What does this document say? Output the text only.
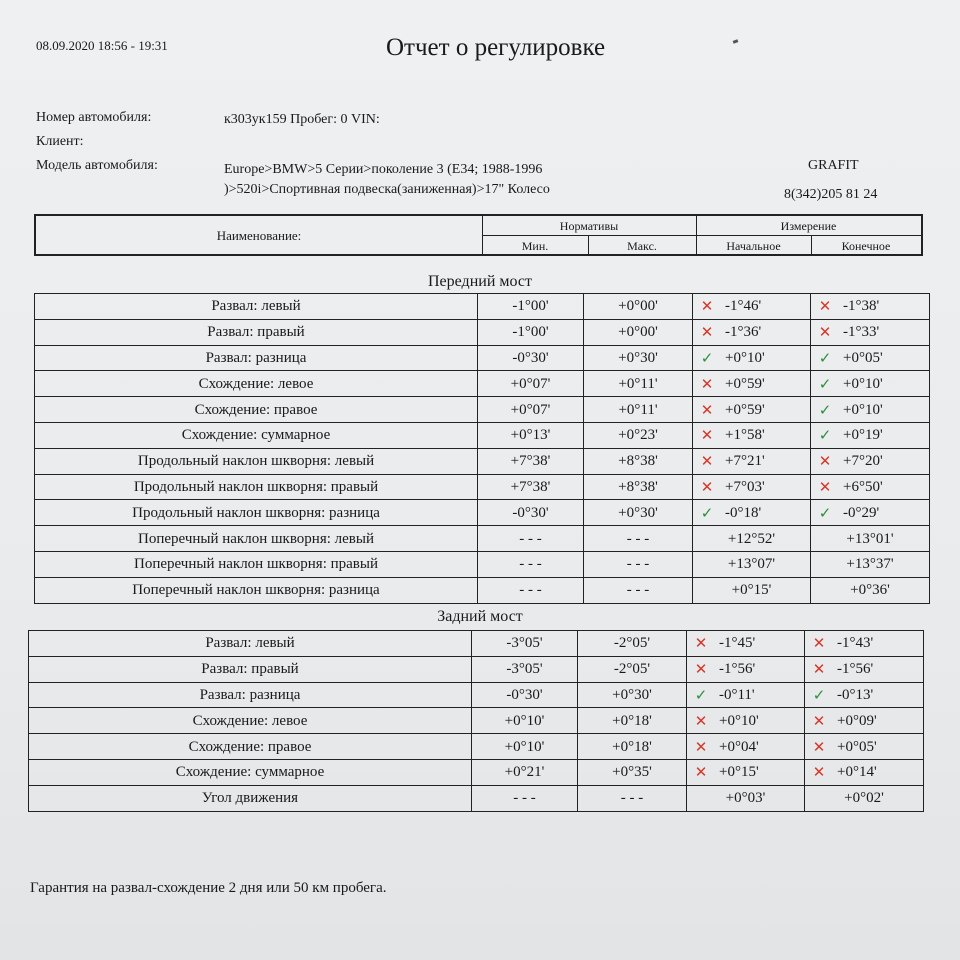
08.09.2020 18:56 - 19:31	Отчет о регулировке
Номер автомобиля:	к303ук159 Пробег: 0 VIN:
Клиент:
Модель автомобиля:	Europe>BMW>5 Серии>поколение 3 (E34; 1988-1996
)>520i>Спортивная подвеска(заниженная)>17" Колесо
GRAFIT
8(342)205 81 24
Наименование:
Нормативы	Измерение
Мин.	Макс.	Начальное	Конечное
Передний мост
Развал: левый	-1°00'	+0°00'	✕ -1°46'	✕ -1°38'

Развал: правый	-1°00'	+0°00'	✕ -1°36'	✕ -1°33'

Развал: разница	-0°30'	+0°30'	✓ +0°10'	✓ +0°05'

Схождение: левое	+0°07'	+0°11'	✕ +0°59'	✓ +0°10'

Схождение: правое	+0°07'	+0°11'	✕ +0°59'	✓ +0°10'

Схождение: суммарное	+0°13'	+0°23'	✕ +1°58'	✓ +0°19'

Продольный наклон шкворня: левый	+7°38'	+8°38'	✕ +7°21'	✕ +7°20'

Продольный наклон шкворня: правый	+7°38'	+8°38'	✕ +7°03'	✕ +6°50'

Продольный наклон шкворня: разница	-0°30'	+0°30'	✓ -0°18'	✓ -0°29'

Поперечный наклон шкворня: левый	- - -	- - -	+12°52'	+13°01'

Поперечный наклон шкворня: правый	- - -	- - -	+13°07'	+13°37'

Поперечный наклон шкворня: разница	- - -	- - -	+0°15'	+0°36'
Задний мост
Развал: левый	-3°05'	-2°05'	✕ -1°45'	✕ -1°43'

Развал: правый	-3°05'	-2°05'	✕ -1°56'	✕ -1°56'

Развал: разница	-0°30'	+0°30'	✓ -0°11'	✓ -0°13'

Схождение: левое	+0°10'	+0°18'	✕ +0°10'	✕ +0°09'

Схождение: правое	+0°10'	+0°18'	✕ +0°04'	✕ +0°05'

Схождение: суммарное	+0°21'	+0°35'	✕ +0°15'	✕ +0°14'

Угол движения	- - -	- - -	+0°03'	+0°02'
Гарантия на развал-схождение 2 дня или 50 км пробега.
